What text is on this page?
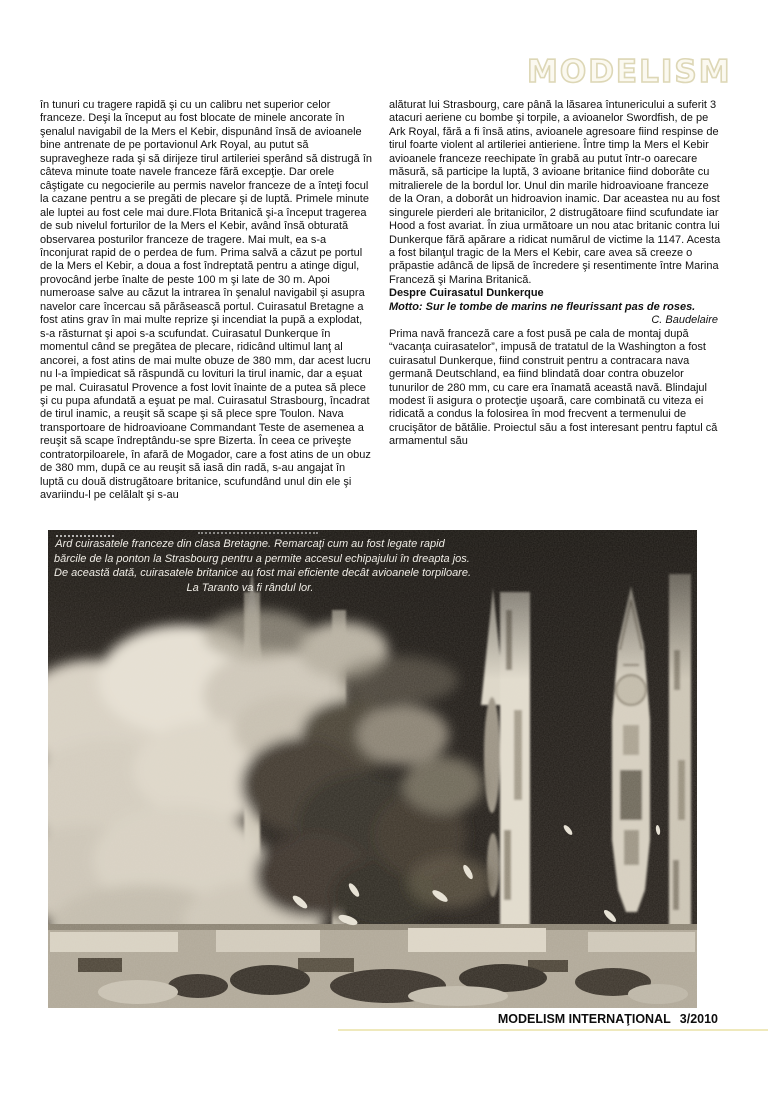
MODELISM

în tunuri cu tragere rapidă şi cu un calibru net superior celor franceze. Deşi la început au fost blocate de minele ancorate în şenalul navigabil de la Mers el Kebir, dispunând însă de avioanele bine antrenate de pe portavionul Ark Royal, au putut să supravegheze rada şi să dirijeze tirul artileriei sperând să distrugă în câteva minute toate navele franceze fără excepţie. Dar orele câştigate cu negocierile au permis navelor franceze de a înteţi focul la cazane pentru a se pregăti de plecare şi de luptă. Primele minute ale luptei au fost cele mai dure.Flota Britanică şi-a început tragerea de sub nivelul forturilor de la Mers el Kebir, având însă obturată observarea posturilor franceze de tragere. Mai mult, ea s-a înconjurat rapid de o perdea de fum. Prima salvă a căzut pe portul de la Mers el Kebir, a doua a fost îndreptată pentru a atinge digul, provocând jerbe înalte de peste 100 m şi late de 30 m. Apoi numeroase salve au căzut la intrarea în şenalul navigabil şi asupra navelor care încercau să părăsească portul. Cuirasatul Bretagne a fost atins grav în mai multe reprize şi incendiat la pupă a explodat, s-a răsturnat şi apoi s-a scufundat. Cuirasatul Dunkerque în momentul când se pregătea de plecare, ridicând ultimul lanţ al ancorei, a fost atins de mai multe obuze de 380 mm, dar acest lucru nu l-a împiedicat să răspundă cu lovituri la tirul inamic, dar a eşuat pe mal. Cuirasatul Provence a fost lovit înainte de a putea să plece şi cu pupa afundată a eşuat pe mal. Cuirasatul Strasbourg, încadrat de tirul inamic, a reuşit să scape şi să plece spre Toulon. Nava transportoare de hidroavioane Commandant Teste de asemenea a reuşit să scape îndreptându-se spre Bizerta. În ceea ce priveşte contratorpiloarele, în afară de Mogador, care a fost atins de un obuz de 380 mm, după ce au reuşit să iasă din radă, s-au angajat în luptă cu două distrugătoare britanice, scufundând unul din ele şi avariindu-l pe celălalt şi s-au

alăturat lui Strasbourg, care până la lăsarea întunericului a suferit 3 atacuri aeriene cu bombe şi torpile, a avioanelor Swordfish, de pe Ark Royal, fără a fi însă atins, avioanele agresoare fiind respinse de tirul foarte violent al artileriei antieriene. Între timp la Mers el Kebir avioanele franceze reechipate în grabă au putut într-o oarecare măsură, să participe la luptă, 3 avioane britanice fiind doborâte cu mitralierele de la bordul lor. Unul din marile hidroavioane franceze de la Oran, a doborât un hidroavion inamic. Dar aceastea nu au fost singurele pierderi ale britanicilor, 2 distrugătoare fiind scufundate iar Hood a fost avariat. În ziua următoare un nou atac britanic contra lui Dunkerque fără apărare a ridicat numărul de victime la 1147. Acesta a fost bilanţul tragic de la Mers el Kebir, care avea să creeze o prăpastie adâncă de lipsă de încredere şi resentimente între Marina Franceză şi Marina Britanică.

Despre Cuirasatul Dunkerque

Motto: Sur le tombe de marins ne fleurissant pas de roses.

C. Baudelaire

Prima navă franceză care a fost pusă pe cala de montaj după “vacanţa cuirasatelor”, impusă de tratatul de la Washington a fost cuirasatul Dunkerque, fiind construit pentru a contracara nava germană Deutschland, ea fiind blindată doar contra obuzelor tunurilor de 280 mm, cu care era înamată această navă. Blindajul modest îi asigura o protecţie uşoară, care combinată cu viteza ei ridicată a condus la folosirea în mod frecvent a termenului de crucişător de bătălie. Proiectul său a fost interesant pentru faptul că armamentul său

Ard cuirasatele franceze din clasa Bretagne. Remarcaţi cum au fost legate rapid
bărcile de la ponton la Strasbourg pentru a permite accesul echipajului în dreapta jos.
De această dată, cuirasatele britanice au fost mai eficiente decât avioanele torpiloare.
La Taranto va fi rândul lor.
MODELISM INTERNAŢIONAL 3/2010
